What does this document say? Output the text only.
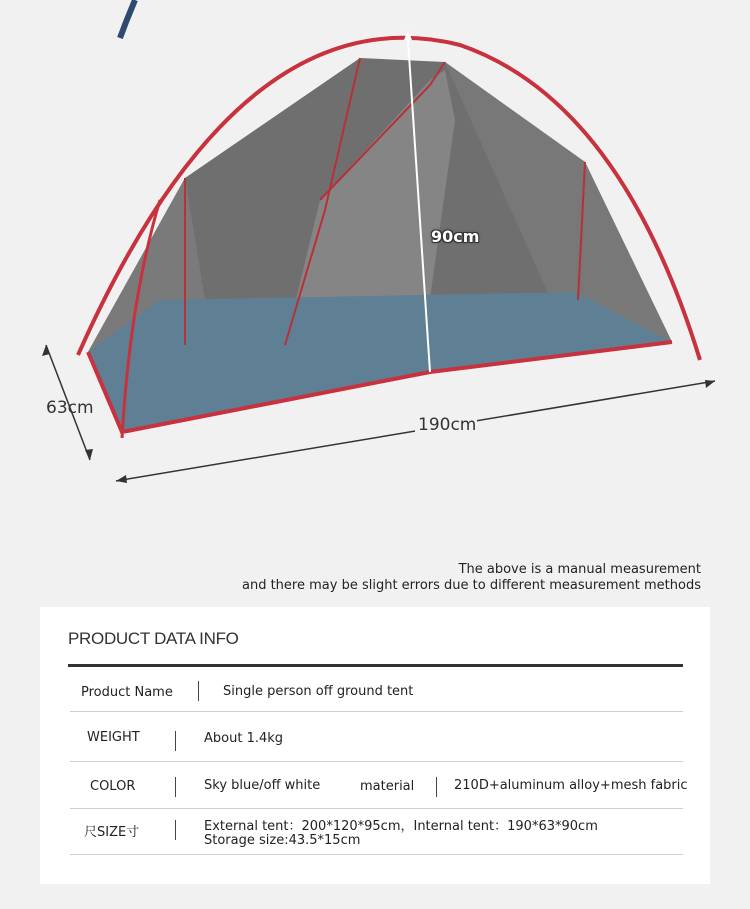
63cm
190cm
90cm
The above is a manual measurement
and there may be slight errors due to different measurement methods
PRODUCT DATA INFO
Product Name	Single person off ground tent
WEIGHT	About 1.4kg
COLOR	Sky blue/off white	material	210D+aluminum alloy+mesh fabric
尺SIZE寸	External tent：200*120*95cm，Internal tent：190*63*90cm
Storage size:43.5*15cm
